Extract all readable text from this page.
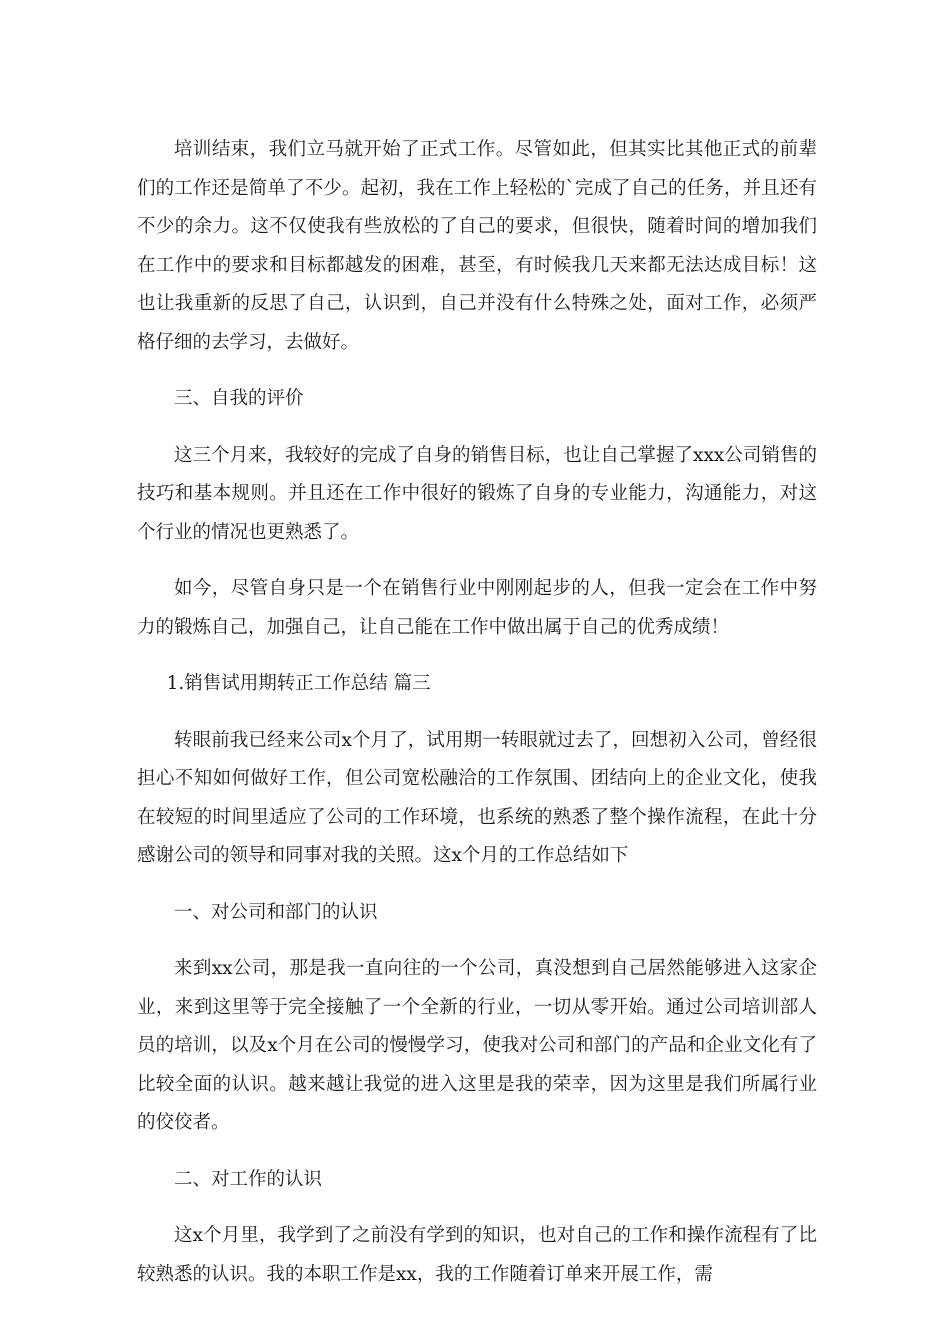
培训结束，我们立马就开始了正式工作。尽管如此，但其实比其他正式的前辈们的工作还是简单了不少。起初，我在工作上轻松的`完成了自己的任务，并且还有不少的余力。这不仅使我有些放松的了自己的要求，但很快，随着时间的增加我们在工作中的要求和目标都越发的困难，甚至，有时候我几天来都无法达成目标！这也让我重新的反思了自己，认识到，自己并没有什么特殊之处，面对工作，必须严格仔细的去学习，去做好。

三、自我的评价

这三个月来，我较好的完成了自身的销售目标，也让自己掌握了xxx公司销售的技巧和基本规则。并且还在工作中很好的锻炼了自身的专业能力，沟通能力，对这个行业的情况也更熟悉了。

如今，尽管自身只是一个在销售行业中刚刚起步的人，但我一定会在工作中努力的锻炼自己，加强自己，让自己能在工作中做出属于自己的优秀成绩！

1.销售试用期转正工作总结 篇三

转眼前我已经来公司x个月了，试用期一转眼就过去了，回想初入公司，曾经很担心不知如何做好工作，但公司宽松融洽的工作氛围、团结向上的企业文化，使我在较短的时间里适应了公司的工作环境，也系统的熟悉了整个操作流程，在此十分感谢公司的领导和同事对我的关照。这x个月的工作总结如下

一、对公司和部门的认识

来到xx公司，那是我一直向往的一个公司，真没想到自己居然能够进入这家企业，来到这里等于完全接触了一个全新的行业，一切从零开始。通过公司培训部人员的培训，以及x个月在公司的慢慢学习，使我对公司和部门的产品和企业文化有了比较全面的认识。越来越让我觉的进入这里是我的荣幸，因为这里是我们所属行业的佼佼者。

二、对工作的认识

这x个月里，我学到了之前没有学到的知识，也对自己的工作和操作流程有了比较熟悉的认识。我的本职工作是xx，我的工作随着订单来开展工作，需
